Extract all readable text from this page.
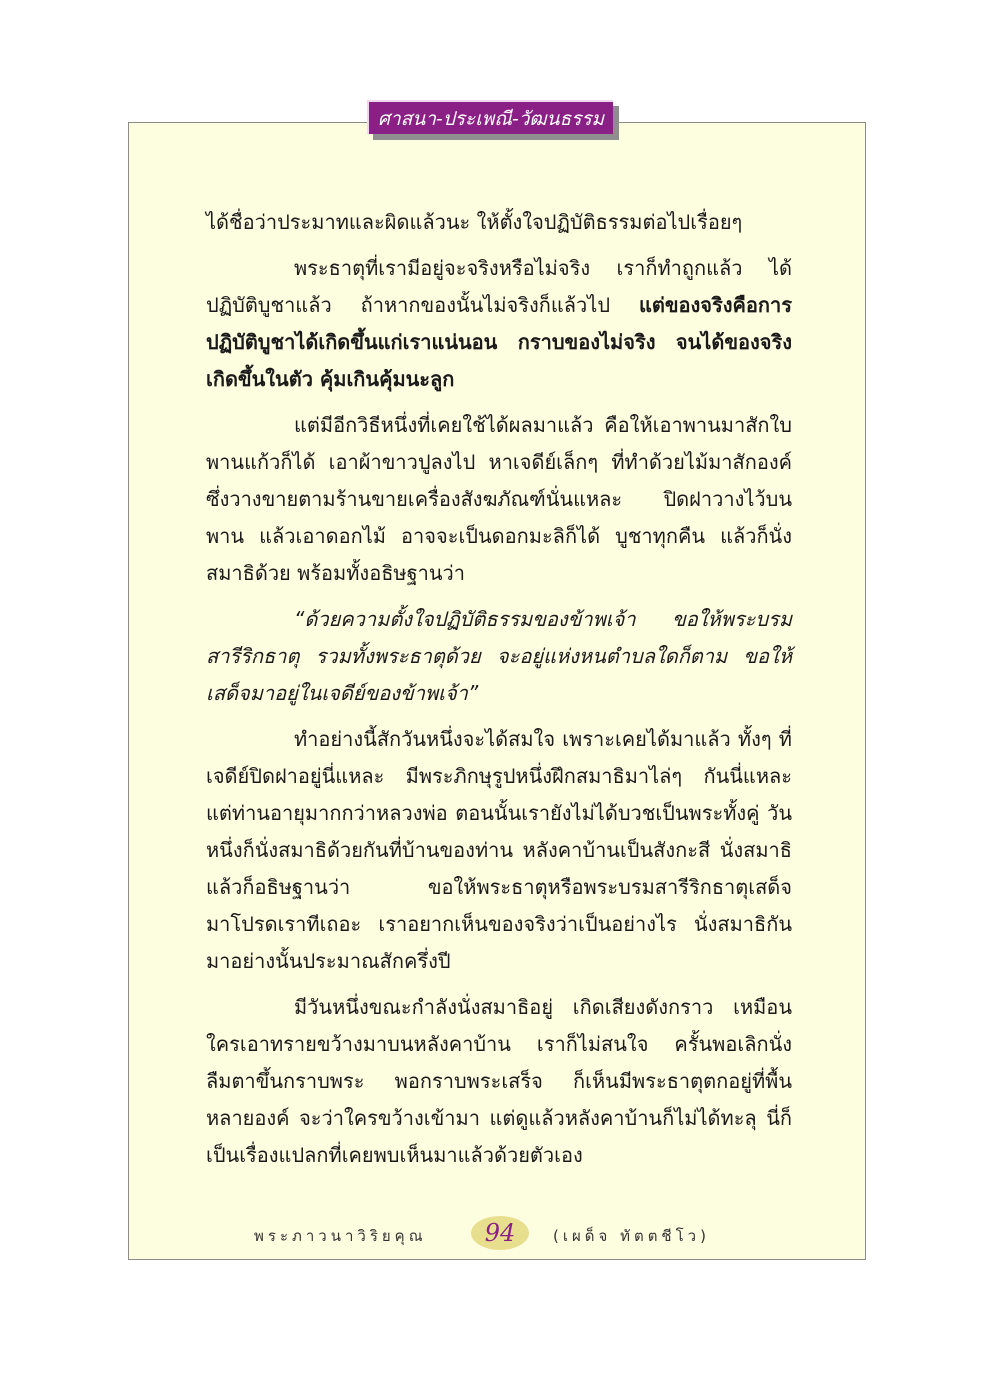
ศาสนา-ประเพณี-วัฒนธรรม

ได้ชื่อว่าประมาทและผิดแล้วนะ ให้ตั้งใจปฏิบัติธรรมต่อไปเรื่อยๆ

พระธาตุที่เรามีอยู่จะจริงหรือไม่จริง เราก็ทำถูกแล้ว ได้ปฏิบัติบูชาแล้ว ถ้าหากของนั้นไม่จริงก็แล้วไป แต่ของจริงคือการปฏิบัติบูชาได้เกิดขึ้นแก่เราแน่นอน กราบของไม่จริง จนได้ของจริงเกิดขึ้นในตัว คุ้มเกินคุ้มนะลูก

แต่มีอีกวิธีหนึ่งที่เคยใช้ได้ผลมาแล้ว คือให้เอาพานมาสักใบ พานแก้วก็ได้ เอาผ้าขาวปูลงไป หาเจดีย์เล็กๆ ที่ทำด้วยไม้มาสักองค์ ซึ่งวางขายตามร้านขายเครื่องสังฆภัณฑ์นั่นแหละ ปิดฝาวางไว้บนพาน แล้วเอาดอกไม้ อาจจะเป็นดอกมะลิก็ได้ บูชาทุกคืน แล้วก็นั่งสมาธิด้วย พร้อมทั้งอธิษฐานว่า

“ด้วยความตั้งใจปฏิบัติธรรมของข้าพเจ้า ขอให้พระบรมสารีริกธาตุ รวมทั้งพระธาตุด้วย จะอยู่แห่งหนตำบลใดก็ตาม ขอให้เสด็จมาอยู่ในเจดีย์ของข้าพเจ้า”

ทำอย่างนี้สักวันหนึ่งจะได้สมใจ เพราะเคยได้มาแล้ว ทั้งๆ ที่เจดีย์ปิดฝาอยู่นี่แหละ มีพระภิกษุรูปหนึ่งฝึกสมาธิมาไล่ๆ กันนี่แหละ แต่ท่านอายุมากกว่าหลวงพ่อ ตอนนั้นเรายังไม่ได้บวชเป็นพระทั้งคู่ วันหนึ่งก็นั่งสมาธิด้วยกันที่บ้านของท่าน หลังคาบ้านเป็นสังกะสี นั่งสมาธิแล้วก็อธิษฐานว่า ขอให้พระธาตุหรือพระบรมสารีริกธาตุเสด็จมาโปรดเราทีเถอะ เราอยากเห็นของจริงว่าเป็นอย่างไร นั่งสมาธิกันมาอย่างนั้นประมาณสักครึ่งปี

มีวันหนึ่งขณะกำลังนั่งสมาธิอยู่ เกิดเสียงดังกราว เหมือนใครเอาทรายขว้างมาบนหลังคาบ้าน เราก็ไม่สนใจ ครั้นพอเลิกนั่ง ลืมตาขึ้นกราบพระ พอกราบพระเสร็จ ก็เห็นมีพระธาตุตกอยู่ที่พื้นหลายองค์ จะว่าใครขว้างเข้ามา แต่ดูแล้วหลังคาบ้านก็ไม่ได้ทะลุ นี่ก็เป็นเรื่องแปลกที่เคยพบเห็นมาแล้วด้วยตัวเอง

พระภาวนาวิริยคุณ	94	(เผด็จ ทัตตชีโว)
